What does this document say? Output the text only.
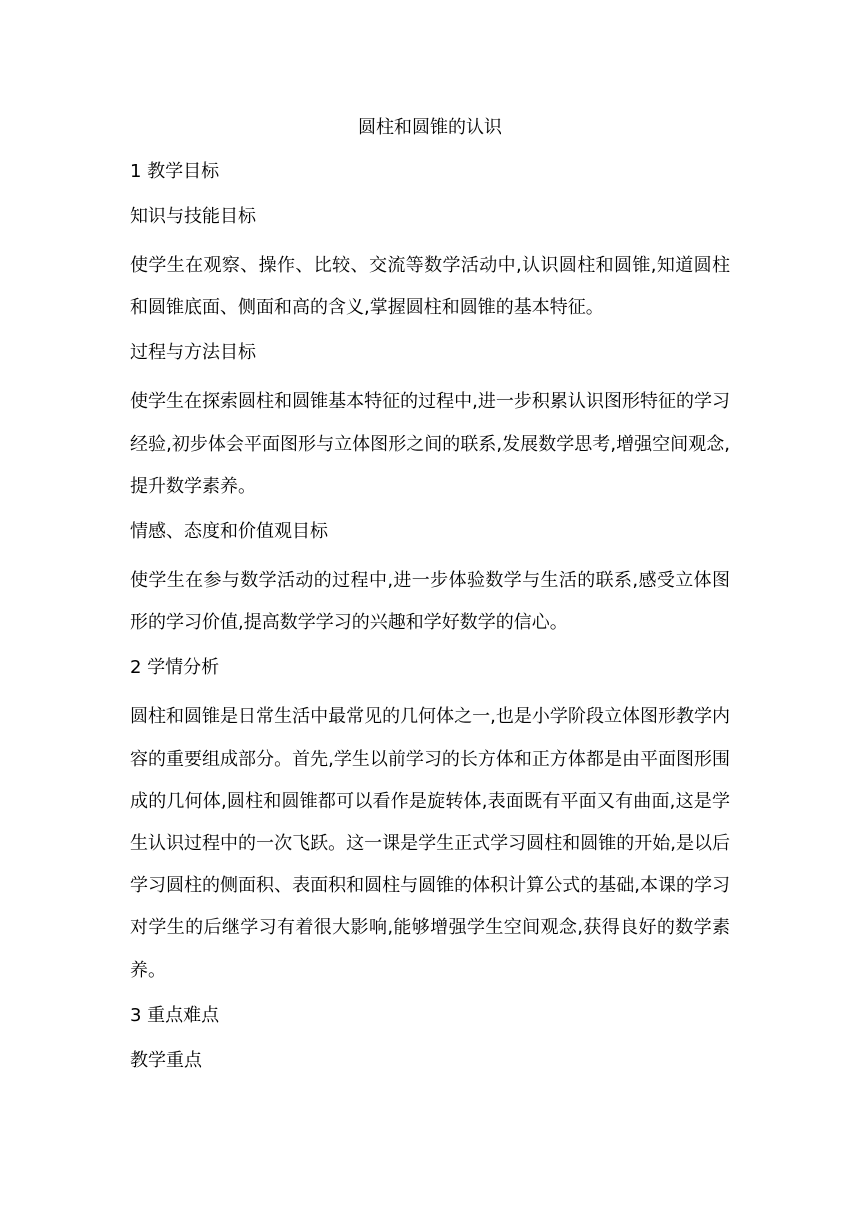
圆柱和圆锥的认识
1 教学目标
知识与技能目标
使学生在观察、操作、比较、交流等数学活动中,认识圆柱和圆锥,知道圆柱和圆锥底面、侧面和高的含义,掌握圆柱和圆锥的基本特征。
过程与方法目标
使学生在探索圆柱和圆锥基本特征的过程中,进一步积累认识图形特征的学习经验,初步体会平面图形与立体图形之间的联系,发展数学思考,增强空间观念,提升数学素养。
情感、态度和价值观目标
使学生在参与数学活动的过程中,进一步体验数学与生活的联系,感受立体图形的学习价值,提高数学学习的兴趣和学好数学的信心。
2 学情分析
圆柱和圆锥是日常生活中最常见的几何体之一,也是小学阶段立体图形教学内容的重要组成部分。首先,学生以前学习的长方体和正方体都是由平面图形围成的几何体,圆柱和圆锥都可以看作是旋转体,表面既有平面又有曲面,这是学生认识过程中的一次飞跃。这一课是学生正式学习圆柱和圆锥的开始,是以后学习圆柱的侧面积、表面积和圆柱与圆锥的体积计算公式的基础,本课的学习对学生的后继学习有着很大影响,能够增强学生空间观念,获得良好的数学素养。
3 重点难点
教学重点
